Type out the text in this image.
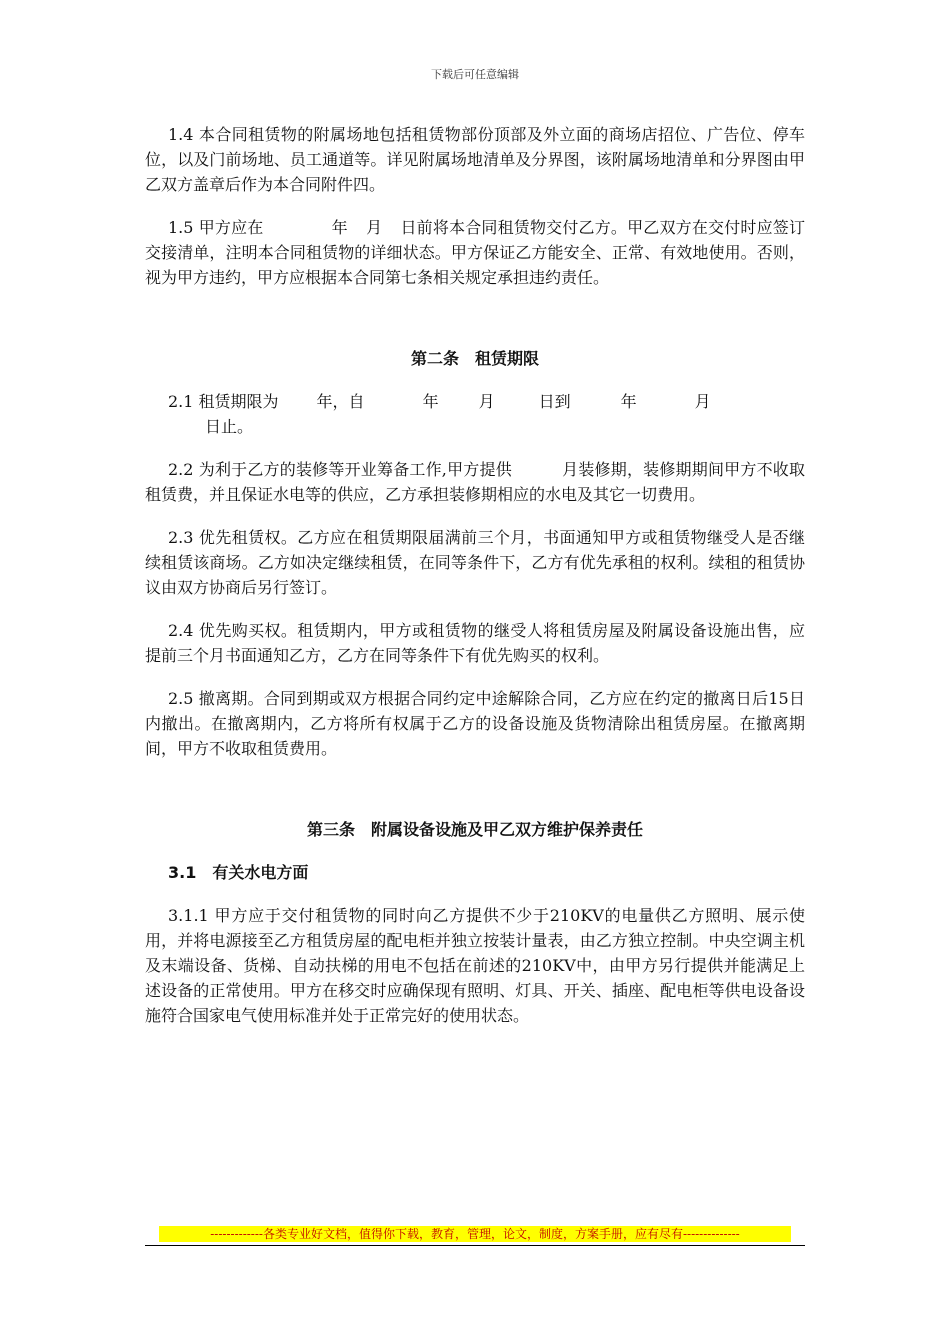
下载后可任意编辑

1.4 本合同租赁物的附属场地包括租赁物部份顶部及外立面的商场店招位、广告位、停车位，以及门前场地、员工通道等。详见附属场地清单及分界图，该附属场地清单和分界图由甲乙双方盖章后作为本合同附件四。

1.5 甲方应在	年 月 日前将本合同租赁物交付乙方。甲乙双方在交付时应签订交接清单，注明本合同租赁物的详细状态。甲方保证乙方能安全、正常、有效地使用。否则，视为甲方违约，甲方应根据本合同第七条相关规定承担违约责任。

第二条　租赁期限
2.1 租赁期限为 年，自	年	月	日到	年	月
日止。

2.2 为利于乙方的装修等开业筹备工作,甲方提供	月装修期，装修期期间甲方不收取租赁费，并且保证水电等的供应，乙方承担装修期相应的水电及其它一切费用。

2.3 优先租赁权。乙方应在租赁期限届满前三个月，书面通知甲方或租赁物继受人是否继续租赁该商场。乙方如决定继续租赁，在同等条件下，乙方有优先承租的权利。续租的租赁协议由双方协商后另行签订。

2.4 优先购买权。租赁期内，甲方或租赁物的继受人将租赁房屋及附属设备设施出售，应提前三个月书面通知乙方，乙方在同等条件下有优先购买的权利。

2.5 撤离期。合同到期或双方根据合同约定中途解除合同，乙方应在约定的撤离日后15日内撤出。在撤离期内，乙方将所有权属于乙方的设备设施及货物清除出租赁房屋。在撤离期间，甲方不收取租赁费用。

第三条　附属设备设施及甲乙双方维护保养责任
3.1　有关水电方面

3.1.1 甲方应于交付租赁物的同时向乙方提供不少于210KV的电量供乙方照明、展示使用，并将电源接至乙方租赁房屋的配电柜并独立按装计量表，由乙方独立控制。中央空调主机及末端设备、货梯、自动扶梯的用电不包括在前述的210KV中，由甲方另行提供并能满足上述设备的正常使用。甲方在移交时应确保现有照明、灯具、开关、插座、配电柜等供电设备设施符合国家电气使用标准并处于正常完好的使用状态。

-------------各类专业好文档，值得你下载，教育，管理，论文，制度，方案手册，应有尽有--------------
